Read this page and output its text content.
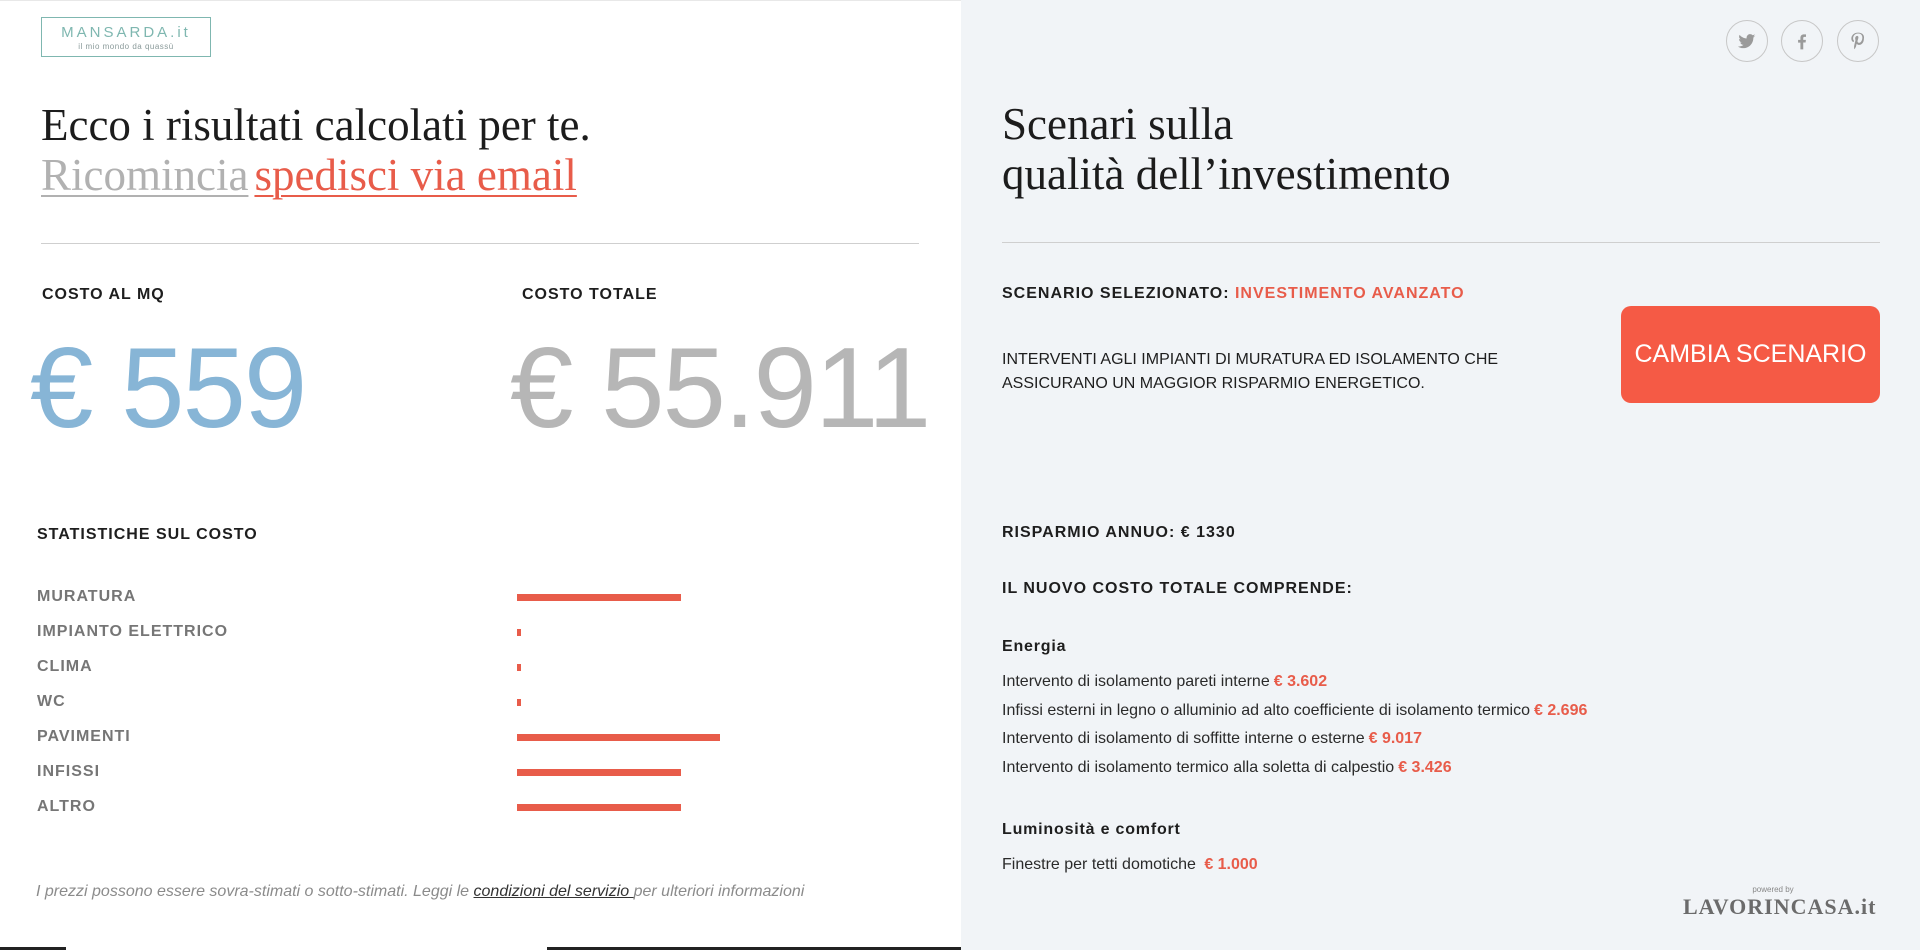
MANSARDA.it
il mio mondo da quassù
Ecco i risultati calcolati per te.
Ricomincia spedisci via email
COSTO AL MQ
€ 559
COSTO TOTALE
€ 55.911
STATISTICHE SUL COSTO
MURATURA
IMPIANTO ELETTRICO
CLIMA
WC
PAVIMENTI
INFISSI
ALTRO
I prezzi possono essere sovra-stimati o sotto-stimati. Leggi le condizioni del servizio per ulteriori informazioni
Scenari sulla
qualità dell’investimento
SCENARIO SELEZIONATO: INVESTIMENTO AVANZATO
INTERVENTI AGLI IMPIANTI DI MURATURA ED ISOLAMENTO CHE ASSICURANO UN MAGGIOR RISPARMIO ENERGETICO.
CAMBIA SCENARIO
RISPARMIO ANNUO: € 1330
IL NUOVO COSTO TOTALE COMPRENDE:
Energia
Intervento di isolamento pareti interne € 3.602
Infissi esterni in legno o alluminio ad alto coefficiente di isolamento termico € 2.696
Intervento di isolamento di soffitte interne o esterne € 9.017
Intervento di isolamento termico alla soletta di calpestio € 3.426
Luminosità e comfort
Finestre per tetti domotiche € 1.000
powered by
LAVORINCASA.it
